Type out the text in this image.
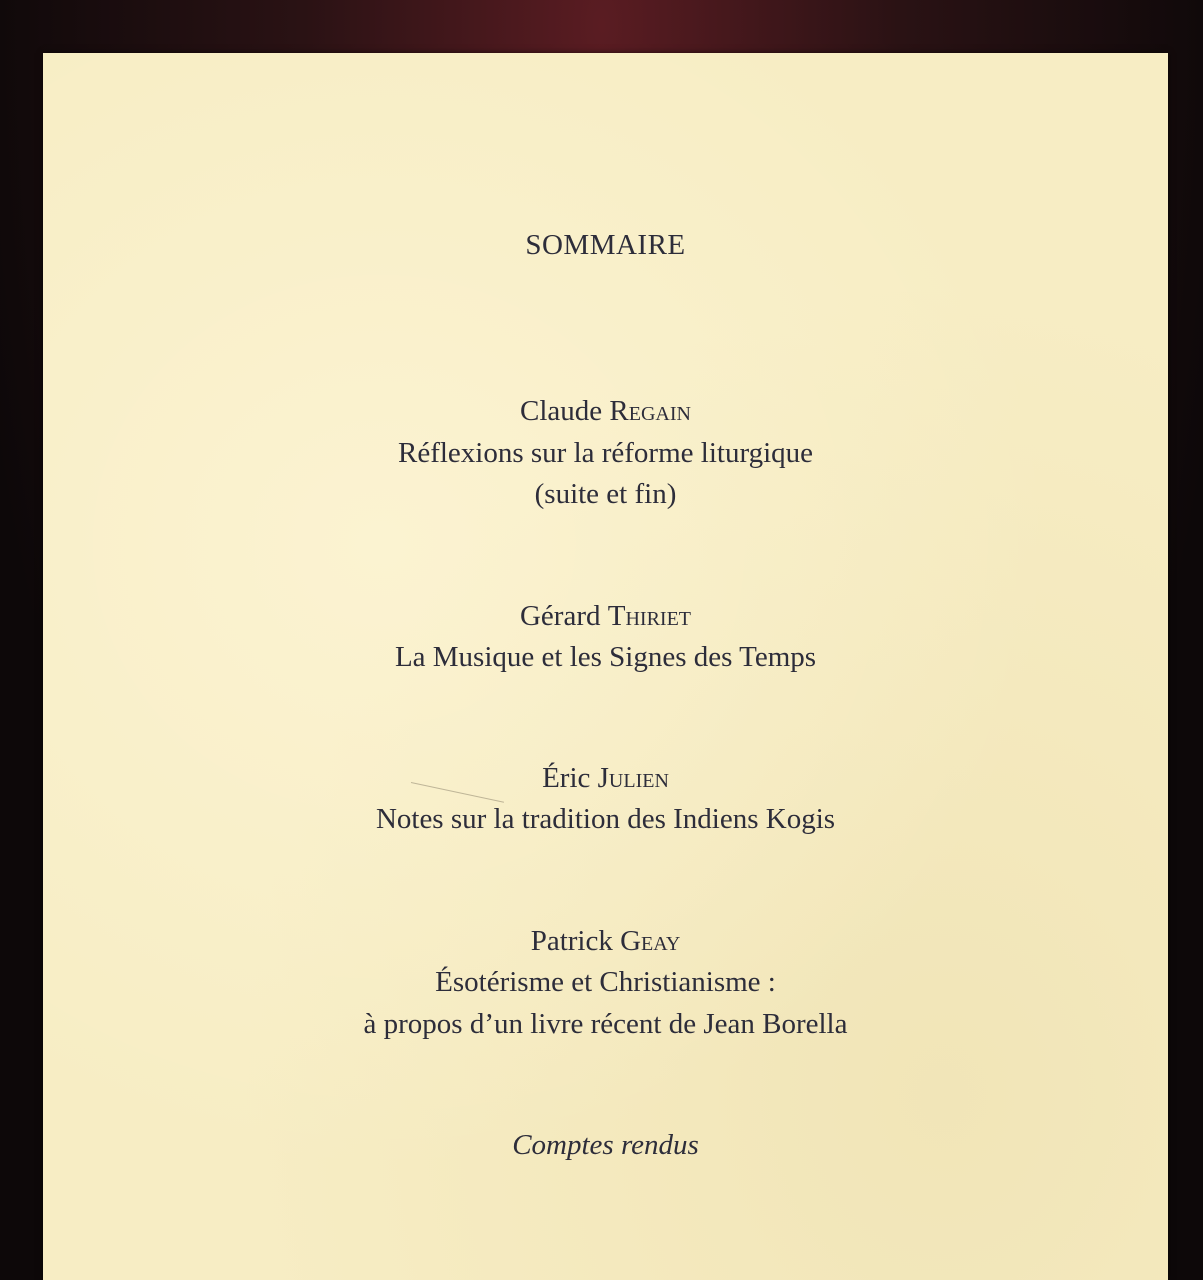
SOMMAIRE
Claude Regain
Réflexions sur la réforme liturgique
(suite et fin)
Gérard Thiriet
La Musique et les Signes des Temps
Éric Julien
Notes sur la tradition des Indiens Kogis
Patrick Geay
Ésotérisme et Christianisme :
à propos d’un livre récent de Jean Borella
Comptes rendus
